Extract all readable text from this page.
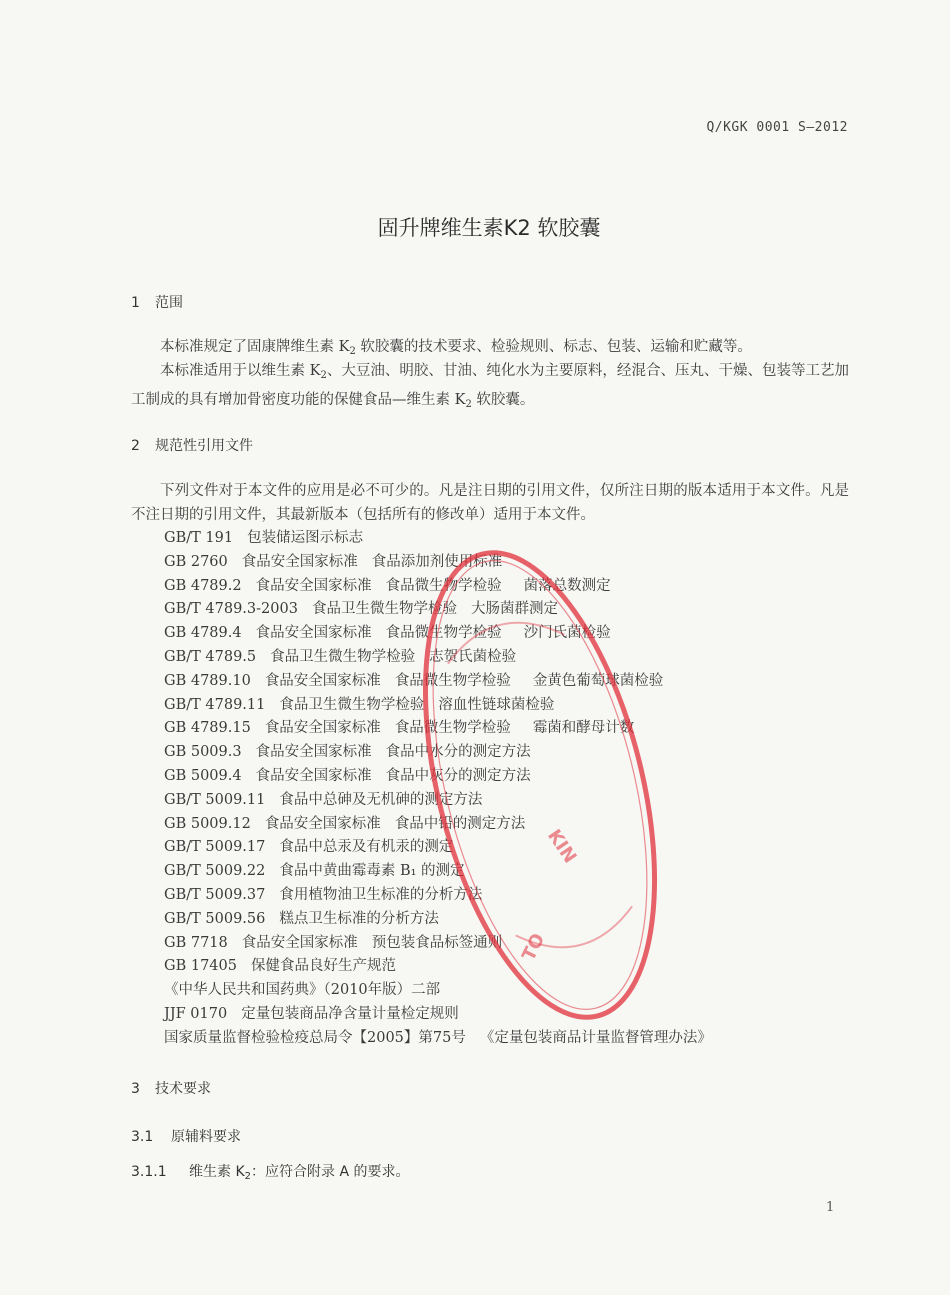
Q/KGK 0001 S—2012
固升牌维生素K2 软胶囊
1 范围
本标准规定了固康牌维生素 $K_2$ 软胶囊的技术要求、检验规则、标志、包装、运输和贮藏等。
本标准适用于以维生素 $K_2$、大豆油、明胶、甘油、纯化水为主要原料，经混合、压丸、干燥、包装等工艺加工制成的具有增加骨密度功能的保健食品—维生素 $K_2$ 软胶囊。
2 规范性引用文件
下列文件对于本文件的应用是必不可少的。凡是注日期的引用文件，仅所注日期的版本适用于本文件。凡是不注日期的引用文件，其最新版本（包括所有的修改单）适用于本文件。
GB/T 191 包装储运图示标志
GB 2760 食品安全国家标准 食品添加剂使用标准
GB 4789.2 食品安全国家标准 食品微生物学检验 菌落总数测定
GB/T 4789.3-2003 食品卫生微生物学检验 大肠菌群测定
GB 4789.4 食品安全国家标准 食品微生物学检验 沙门氏菌检验
GB/T 4789.5 食品卫生微生物学检验 志贺氏菌检验
GB 4789.10 食品安全国家标准 食品微生物学检验 金黄色葡萄球菌检验
GB/T 4789.11 食品卫生微生物学检验 溶血性链球菌检验
GB 4789.15 食品安全国家标准 食品微生物学检验 霉菌和酵母计数
GB 5009.3 食品安全国家标准 食品中水分的测定方法
GB 5009.4 食品安全国家标准 食品中灰分的测定方法
GB/T 5009.11 食品中总砷及无机砷的测定方法
GB 5009.12 食品安全国家标准 食品中铅的测定方法
GB/T 5009.17 食品中总汞及有机汞的测定
GB/T 5009.22 食品中黄曲霉毒素 B₁ 的测定
GB/T 5009.37 食用植物油卫生标准的分析方法
GB/T 5009.56 糕点卫生标准的分析方法
GB 7718 食品安全国家标准 预包装食品标签通则
GB 17405 保健食品良好生产规范
《中华人民共和国药典》（2010年版）二部
JJF 0170 定量包装商品净含量计量检定规则
国家质量监督检验检疫总局令【2005】第75号 《定量包装商品计量监督管理办法》
3 技术要求
3.1 原辅料要求
3.1.1 维生素 $K_2$：应符合附录 A 的要求。
1
KIN
TO
